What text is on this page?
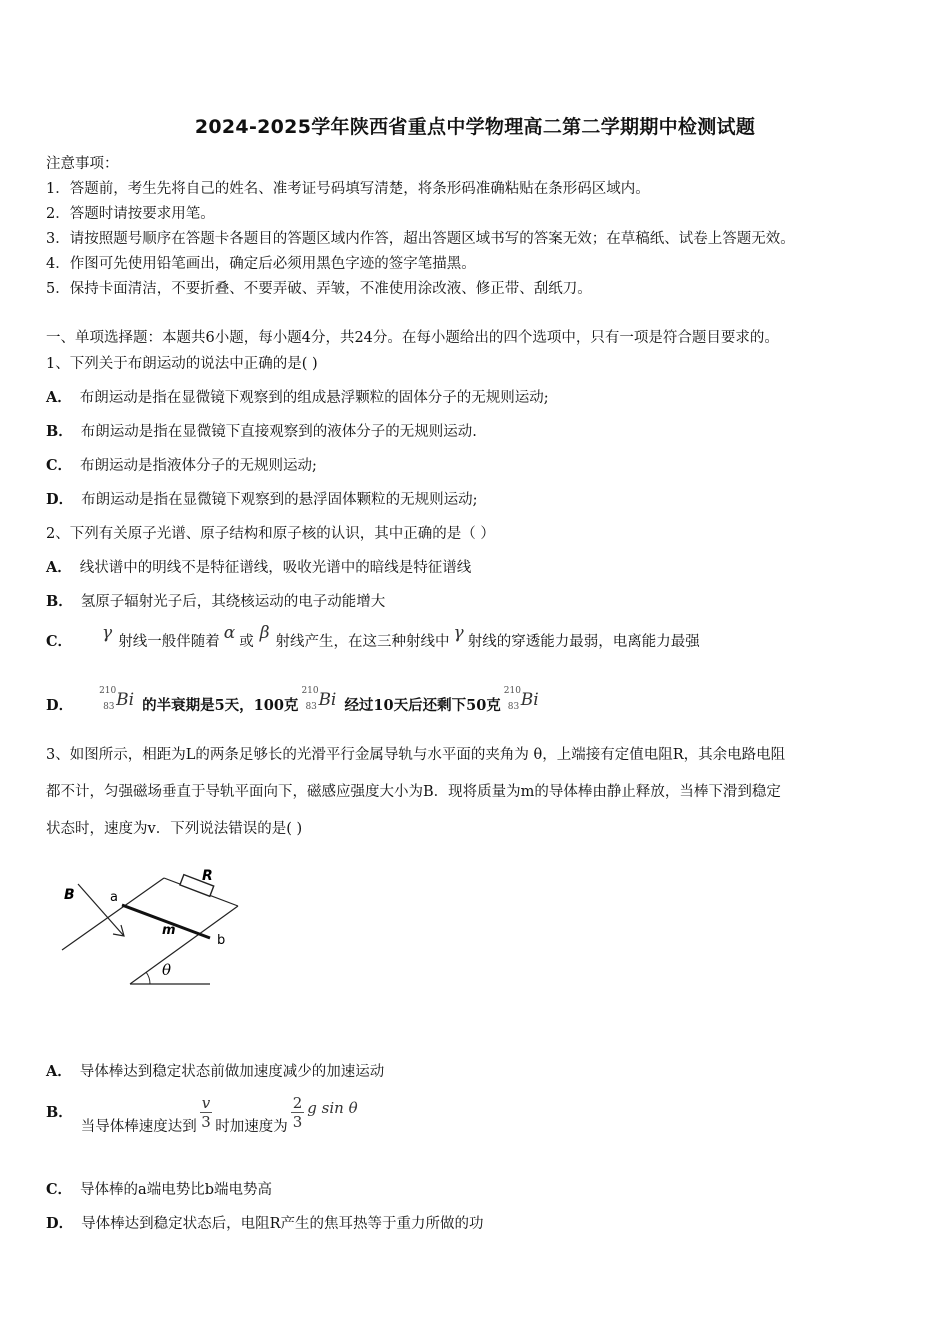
2024-2025学年陕西省重点中学物理高二第二学期期中检测试题
注意事项：
1．答题前，考生先将自己的姓名、准考证号码填写清楚，将条形码准确粘贴在条形码区域内。
2．答题时请按要求用笔。
3．请按照题号顺序在答题卡各题目的答题区域内作答，超出答题区域书写的答案无效；在草稿纸、试卷上答题无效。
4．作图可先使用铅笔画出，确定后必须用黑色字迹的签字笔描黑。
5．保持卡面清洁，不要折叠、不要弄破、弄皱，不准使用涂改液、修正带、刮纸刀。
一、单项选择题：本题共6小题，每小题4分，共24分。在每小题给出的四个选项中，只有一项是符合题目要求的。
1、下列关于布朗运动的说法中正确的是( )
A． 布朗运动是指在显微镜下观察到的组成悬浮颗粒的固体分子的无规则运动;
B． 布朗运动是指在显微镜下直接观察到的液体分子的无规则运动.
C． 布朗运动是指液体分子的无规则运动;
D． 布朗运动是指在显微镜下观察到的悬浮固体颗粒的无规则运动;
2、下列有关原子光谱、原子结构和原子核的认识，其中正确的是（ ）
A． 线状谱中的明线不是特征谱线，吸收光谱中的暗线是特征谱线
B． 氢原子辐射光子后，其绕核运动的电子动能增大
C． γ 射线一般伴随着 α 或 β 射线产生，在这三种射线中 γ 射线的穿透能力最弱，电离能力最强
D．
210
83 Bi 的半衰期是5天，100克
210
83 Bi 经过10天后还剩下50克
210
83 Bi
3、如图所示，相距为L的两条足够长的光滑平行金属导轨与水平面的夹角为 θ，上端接有定值电阻R，其余电路电阻
都不计，匀强磁场垂直于导轨平面向下，磁感应强度大小为B．现将质量为m的导体棒由静止释放，当棒下滑到稳定
状态时，速度为v．下列说法错误的是( )
B
R
a
b
m
θ
A． 导体棒达到稳定状态前做加速度减少的加速运动
B．当导体棒速度达到 $\frac{v}{3}$ 时加速度为 $\frac{2}{3}$ g sin θ
C． 导体棒的a端电势比b端电势高
D． 导体棒达到稳定状态后，电阻R产生的焦耳热等于重力所做的功
